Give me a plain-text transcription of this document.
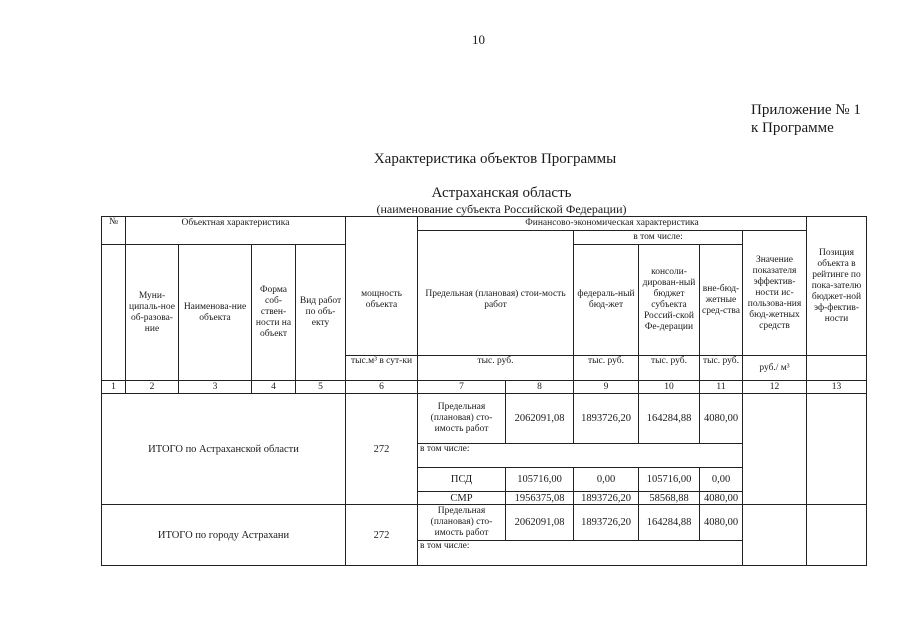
10
Приложение № 1
к Программе
Характеристика объектов Программы
Астраханская область
(наименование субъекта Российской Федерации)
№	Объектная характеристика					Финансово-экономическая характеристика						Позиция объекта в рейтинге по пока-зателю бюджет-ной эф-фектив-ности
								в том числе:			Значение показателя эффектив-ности ис-пользова-ния бюд-жетных средств	
	Муни-ципаль-ное об-разова-ние	Наименова-ние объекта	Форма соб-ствен-ности на объект	Вид работ по объ-екту	мощность объекта	Предельная (плановая) стои-мость работ		федераль-ный бюд-жет	консоли-дирован-ный бюджет субъекта Россий-ской Фе-дерации	вне-бюд-жетные сред-ства		
					тыс.м³ в сут-ки	тыс. руб.		тыс. руб.	тыс. руб.	тыс. руб.	руб./ м³	
1	2	3	4	5	6	7	8	9	10	11	12	13
ИТОГО по Астраханской области					272	Предельная (плановая) сто-имость работ	2062091,08	1893726,20	164284,88	4080,00		
						в том числе:						
						ПСД	105716,00	0,00	105716,00	0,00		
						СМР	1956375,08	1893726,20	58568,88	4080,00		
ИТОГО по городу Астрахани					272	Предельная (плановая) сто-имость работ	2062091,08	1893726,20	164284,88	4080,00		
						в том числе:						
